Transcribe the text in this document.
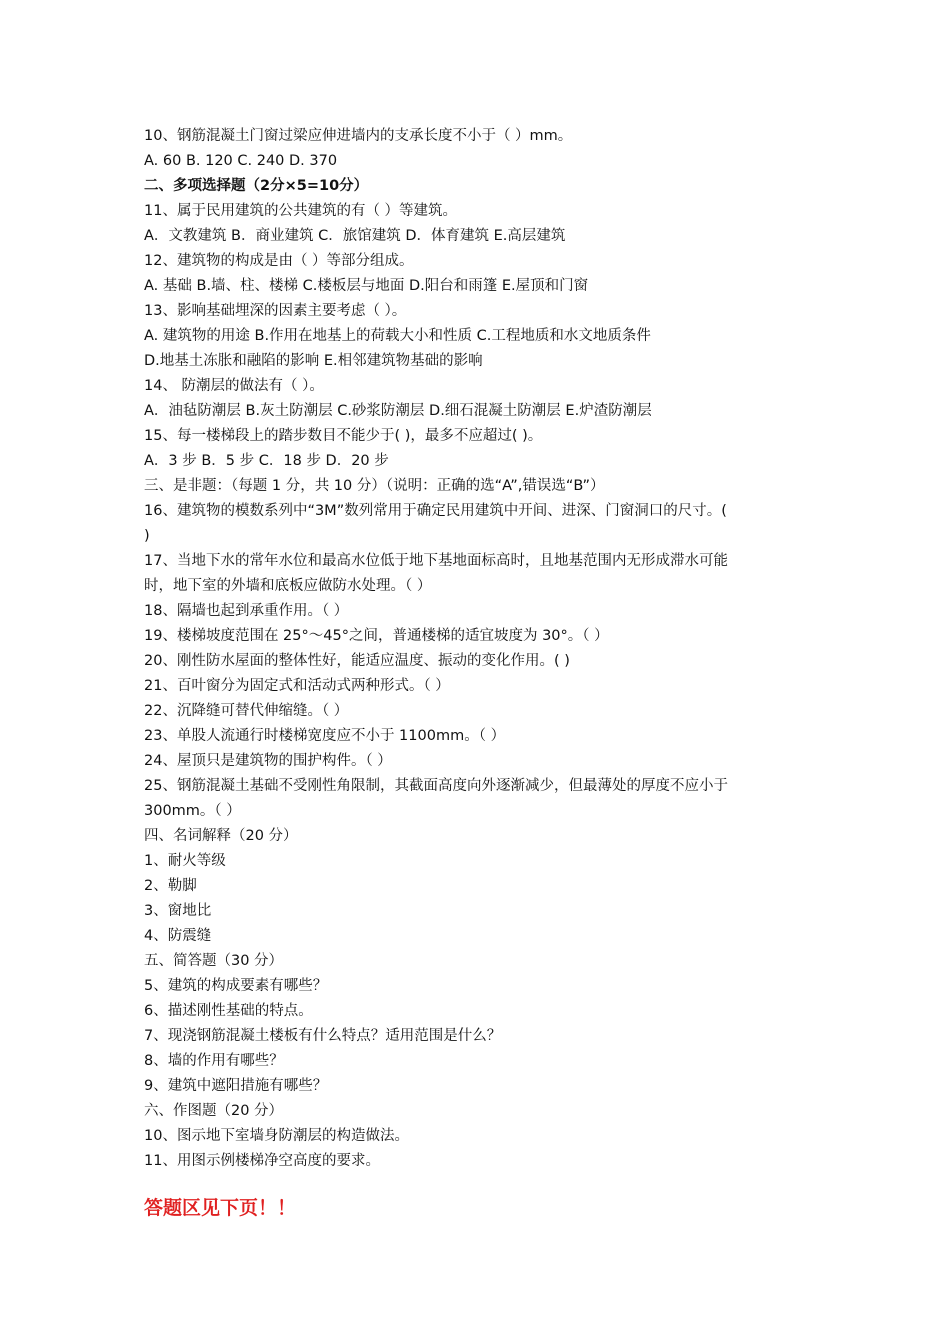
10、钢筋混凝土门窗过梁应伸进墙内的支承长度不小于（ ）mm。
A. 60 B. 120 C. 240 D. 370
二、多项选择题（2分×5=10分）
11、属于民用建筑的公共建筑的有（ ）等建筑。
A．文教建筑 B．商业建筑 C．旅馆建筑 D．体育建筑 E.高层建筑
12、建筑物的构成是由（ ）等部分组成。
A. 基础 B.墙、柱、楼梯 C.楼板层与地面 D.阳台和雨篷 E.屋顶和门窗
13、影响基础埋深的因素主要考虑（ ）。
A. 建筑物的用途 B.作用在地基上的荷载大小和性质 C.工程地质和水文地质条件
D.地基土冻胀和融陷的影响 E.相邻建筑物基础的影响
14、 防潮层的做法有（ ）。
A．油毡防潮层 B.灰土防潮层 C.砂浆防潮层 D.细石混凝土防潮层 E.炉渣防潮层
15、每一楼梯段上的踏步数目不能少于( )，最多不应超过( )。
A．3 步 B．5 步 C．18 步 D．20 步
三、是非题：（每题 1 分，共 10 分）（说明：正确的选“A”,错误选“B”）
16、建筑物的模数系列中“3M”数列常用于确定民用建筑中开间、进深、门窗洞口的尺寸。(
)
17、当地下水的常年水位和最高水位低于地下基地面标高时，且地基范围内无形成滞水可能
时，地下室的外墙和底板应做防水处理。（ ）
18、隔墙也起到承重作用。（ ）
19、楼梯坡度范围在 25°～45°之间，普通楼梯的适宜坡度为 30°。（ ）
20、刚性防水屋面的整体性好，能适应温度、振动的变化作用。( )
21、百叶窗分为固定式和活动式两种形式。（ ）
22、沉降缝可替代伸缩缝。（ ）
23、单股人流通行时楼梯宽度应不小于 1100mm。（ ）
24、屋顶只是建筑物的围护构件。（ ）
25、钢筋混凝土基础不受刚性角限制，其截面高度向外逐渐减少，但最薄处的厚度不应小于
300mm。（ ）
四、名词解释（20 分）
1、耐火等级
2、勒脚
3、窗地比
4、防震缝
五、简答题（30 分）
5、建筑的构成要素有哪些？
6、描述刚性基础的特点。
7、现浇钢筋混凝土楼板有什么特点？适用范围是什么？
8、墙的作用有哪些？
9、建筑中遮阳措施有哪些？
六、作图题（20 分）
10、图示地下室墙身防潮层的构造做法。
11、用图示例楼梯净空高度的要求。
答题区见下页！！
